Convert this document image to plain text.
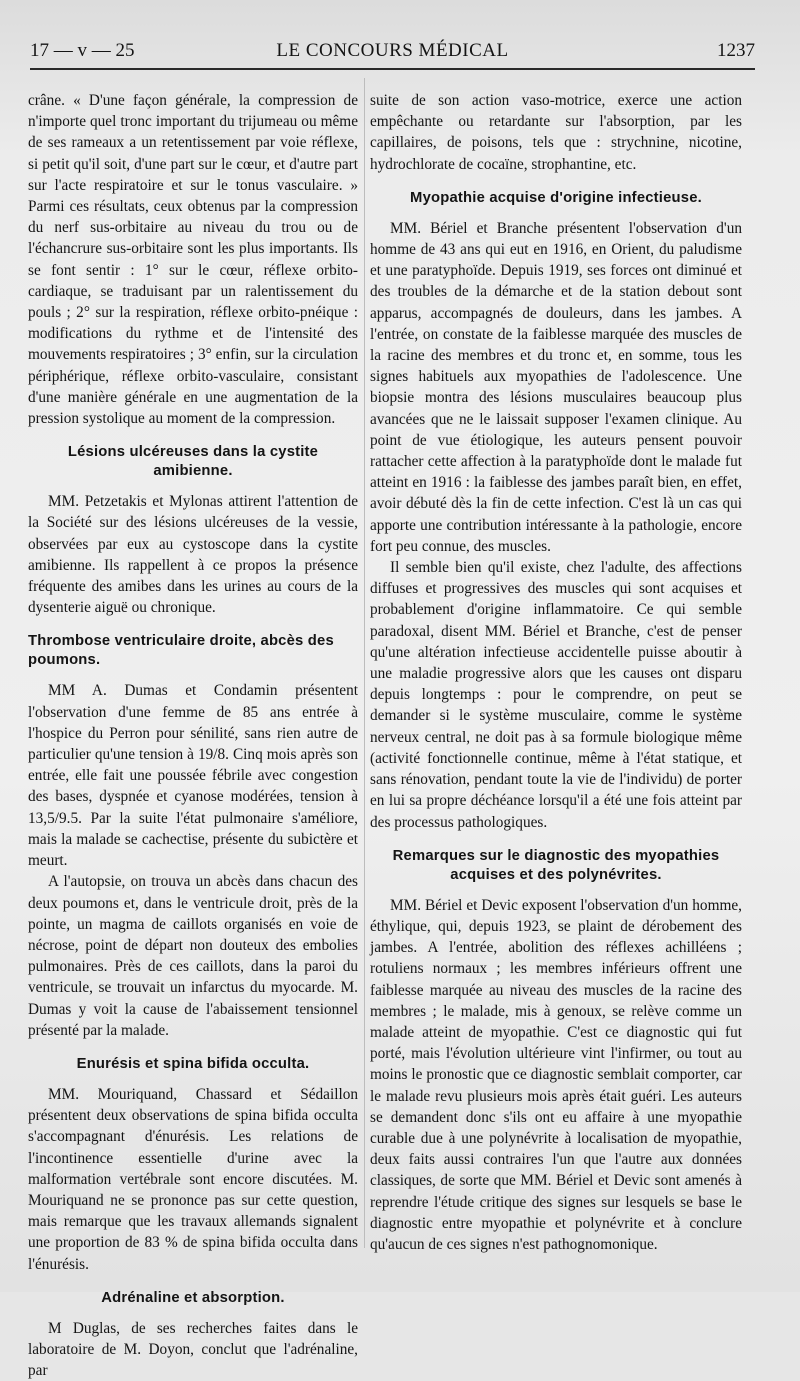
17 — v — 25	LE CONCOURS MÉDICAL	1237

crâne. « D'une façon générale, la compression de n'importe quel tronc important du trijumeau ou même de ses rameaux a un retentissement par voie réflexe, si petit qu'il soit, d'une part sur le cœur, et d'autre part sur l'acte respiratoire et sur le tonus vasculaire. » Parmi ces résultats, ceux obtenus par la compression du nerf sus-orbitaire au niveau du trou ou de l'échancrure sus-orbitaire sont les plus importants. Ils se font sentir : 1° sur le cœur, réflexe orbito-cardiaque, se traduisant par un ralentissement du pouls ; 2° sur la respiration, réflexe orbito-pnéique : modifications du rythme et de l'intensité des mouvements respiratoires ; 3° enfin, sur la circulation périphérique, réflexe orbito-vasculaire, consistant d'une manière générale en une augmentation de la pression systolique au moment de la compression.

Lésions ulcéreuses dans la cystite amibienne.

MM. Petzetakis et Mylonas attirent l'attention de la Société sur des lésions ulcéreuses de la vessie, observées par eux au cystoscope dans la cystite amibienne. Ils rappellent à ce propos la présence fréquente des amibes dans les urines au cours de la dysenterie aiguë ou chronique.

Thrombose ventriculaire droite, abcès des poumons.

MM A. Dumas et Condamin présentent l'observation d'une femme de 85 ans entrée à l'hospice du Perron pour sénilité, sans rien autre de particulier qu'une tension à 19/8. Cinq mois après son entrée, elle fait une poussée fébrile avec congestion des bases, dyspnée et cyanose modérées, tension à 13,5/9.5. Par la suite l'état pulmonaire s'améliore, mais la malade se cachectise, présente du subictère et meurt.

A l'autopsie, on trouva un abcès dans chacun des deux poumons et, dans le ventricule droit, près de la pointe, un magma de caillots organisés en voie de nécrose, point de départ non douteux des embolies pulmonaires. Près de ces caillots, dans la paroi du ventricule, se trouvait un infarctus du myocarde. M. Dumas y voit la cause de l'abaissement tensionnel présenté par la malade.

Enurésis et spina bifida occulta.

MM. Mouriquand, Chassard et Sédaillon présentent deux observations de spina bifida occulta s'accompagnant d'énurésis. Les relations de l'incontinence essentielle d'urine avec la malformation vertébrale sont encore discutées. M. Mouriquand ne se prononce pas sur cette question, mais remarque que les travaux allemands signalent une proportion de 83 % de spina bifida occulta dans l'énurésis.

Adrénaline et absorption.

M Duglas, de ses recherches faites dans le laboratoire de M. Doyon, conclut que l'adrénaline, par

suite de son action vaso-motrice, exerce une action empêchante ou retardante sur l'absorption, par les capillaires, de poisons, tels que : strychnine, nicotine, hydrochlorate de cocaïne, strophantine, etc.

Myopathie acquise d'origine infectieuse.

MM. Bériel et Branche présentent l'observation d'un homme de 43 ans qui eut en 1916, en Orient, du paludisme et une paratyphoïde. Depuis 1919, ses forces ont diminué et des troubles de la démarche et de la station debout sont apparus, accompagnés de douleurs, dans les jambes. A l'entrée, on constate de la faiblesse marquée des muscles de la racine des membres et du tronc et, en somme, tous les signes habituels aux myopathies de l'adolescence. Une biopsie montra des lésions musculaires beaucoup plus avancées que ne le laissait supposer l'examen clinique. Au point de vue étiologique, les auteurs pensent pouvoir rattacher cette affection à la paratyphoïde dont le malade fut atteint en 1916 : la faiblesse des jambes paraît bien, en effet, avoir débuté dès la fin de cette infection. C'est là un cas qui apporte une contribution intéressante à la pathologie, encore fort peu connue, des muscles.

Il semble bien qu'il existe, chez l'adulte, des affections diffuses et progressives des muscles qui sont acquises et probablement d'origine inflammatoire. Ce qui semble paradoxal, disent MM. Bériel et Branche, c'est de penser qu'une altération infectieuse accidentelle puisse aboutir à une maladie progressive alors que les causes ont disparu depuis longtemps : pour le comprendre, on peut se demander si le système musculaire, comme le système nerveux central, ne doit pas à sa formule biologique même (activité fonctionnelle continue, même à l'état statique, et sans rénovation, pendant toute la vie de l'individu) de porter en lui sa propre déchéance lorsqu'il a été une fois atteint par des processus pathologiques.

Remarques sur le diagnostic des myopathies acquises et des polynévrites.

MM. Bériel et Devic exposent l'observation d'un homme, éthylique, qui, depuis 1923, se plaint de dérobement des jambes. A l'entrée, abolition des réflexes achilléens ; rotuliens normaux ; les membres inférieurs offrent une faiblesse marquée au niveau des muscles de la racine des membres ; le malade, mis à genoux, se relève comme un malade atteint de myopathie. C'est ce diagnostic qui fut porté, mais l'évolution ultérieure vint l'infirmer, ou tout au moins le pronostic que ce diagnostic semblait comporter, car le malade revu plusieurs mois après était guéri. Les auteurs se demandent donc s'ils ont eu affaire à une myopathie curable due à une polynévrite à localisation de myopathie, deux faits aussi contraires l'un que l'autre aux données classiques, de sorte que MM. Bériel et Devic sont amenés à reprendre l'étude critique des signes sur lesquels se base le diagnostic entre myopathie et polynévrite et à conclure qu'aucun de ces signes n'est pathognomonique.
